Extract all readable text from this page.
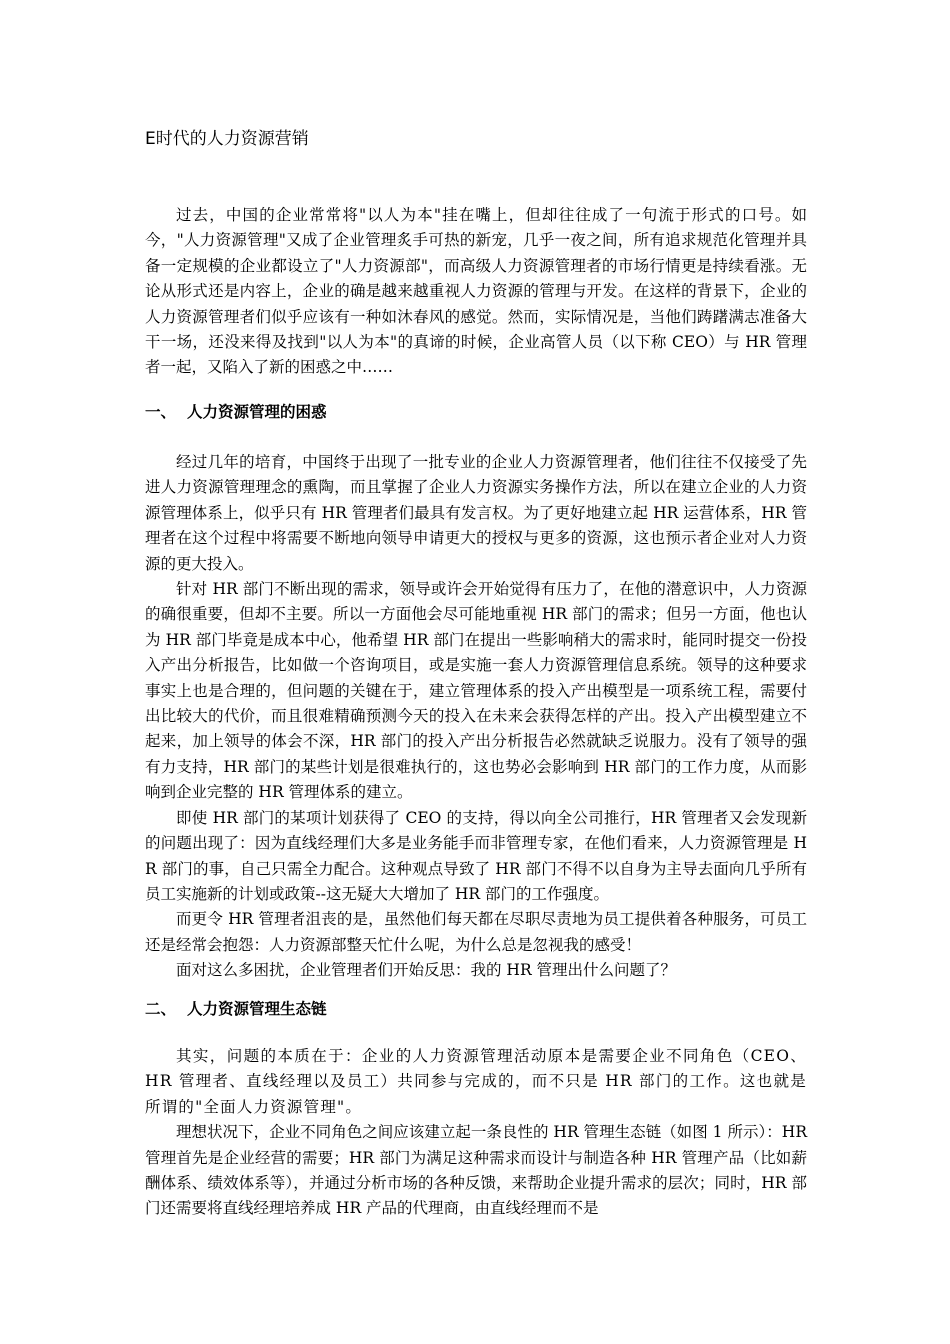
E时代的人力资源营销

过去，中国的企业常常将"以人为本"挂在嘴上，但却往往成了一句流于形式的口号。如今，"人力资源管理"又成了企业管理炙手可热的新宠，几乎一夜之间，所有追求规范化管理并具备一定规模的企业都设立了"人力资源部"，而高级人力资源管理者的市场行情更是持续看涨。无论从形式还是内容上，企业的确是越来越重视人力资源的管理与开发。在这样的背景下，企业的人力资源管理者们似乎应该有一种如沐春风的感觉。然而，实际情况是，当他们踌躇满志准备大干一场，还没来得及找到"以人为本"的真谛的时候，企业高管人员（以下称 CEO）与 HR 管理者一起，又陷入了新的困惑之中……

一、 人力资源管理的困惑

经过几年的培育，中国终于出现了一批专业的企业人力资源管理者，他们往往不仅接受了先进人力资源管理理念的熏陶，而且掌握了企业人力资源实务操作方法，所以在建立企业的人力资源管理体系上，似乎只有 HR 管理者们最具有发言权。为了更好地建立起 HR 运营体系，HR 管理者在这个过程中将需要不断地向领导申请更大的授权与更多的资源，这也预示者企业对人力资源的更大投入。

针对 HR 部门不断出现的需求，领导或许会开始觉得有压力了，在他的潜意识中，人力资源的确很重要，但却不主要。所以一方面他会尽可能地重视 HR 部门的需求；但另一方面，他也认为 HR 部门毕竟是成本中心，他希望 HR 部门在提出一些影响稍大的需求时，能同时提交一份投入产出分析报告，比如做一个咨询项目，或是实施一套人力资源管理信息系统。领导的这种要求事实上也是合理的，但问题的关键在于，建立管理体系的投入产出模型是一项系统工程，需要付出比较大的代价，而且很难精确预测今天的投入在未来会获得怎样的产出。投入产出模型建立不起来，加上领导的体会不深，HR 部门的投入产出分析报告必然就缺乏说服力。没有了领导的强有力支持，HR 部门的某些计划是很难执行的，这也势必会影响到 HR 部门的工作力度，从而影响到企业完整的 HR 管理体系的建立。

即使 HR 部门的某项计划获得了 CEO 的支持，得以向全公司推行，HR 管理者又会发现新的问题出现了：因为直线经理们大多是业务能手而非管理专家，在他们看来，人力资源管理是 HR 部门的事，自己只需全力配合。这种观点导致了 HR 部门不得不以自身为主导去面向几乎所有员工实施新的计划或政策--这无疑大大增加了 HR 部门的工作强度。

而更令 HR 管理者沮丧的是，虽然他们每天都在尽职尽责地为员工提供着各种服务，可员工还是经常会抱怨：人力资源部整天忙什么呢，为什么总是忽视我的感受！

面对这么多困扰，企业管理者们开始反思：我的 HR 管理出什么问题了？

二、 人力资源管理生态链

其实，问题的本质在于：企业的人力资源管理活动原本是需要企业不同角色（CEO、HR 管理者、直线经理以及员工）共同参与完成的，而不只是 HR 部门的工作。这也就是所谓的"全面人力资源管理"。

理想状况下，企业不同角色之间应该建立起一条良性的 HR 管理生态链（如图 1 所示）：HR 管理首先是企业经营的需要；HR 部门为满足这种需求而设计与制造各种 HR 管理产品（比如薪酬体系、绩效体系等），并通过分析市场的各种反馈，来帮助企业提升需求的层次；同时，HR 部门还需要将直线经理培养成 HR 产品的代理商，由直线经理而不是
